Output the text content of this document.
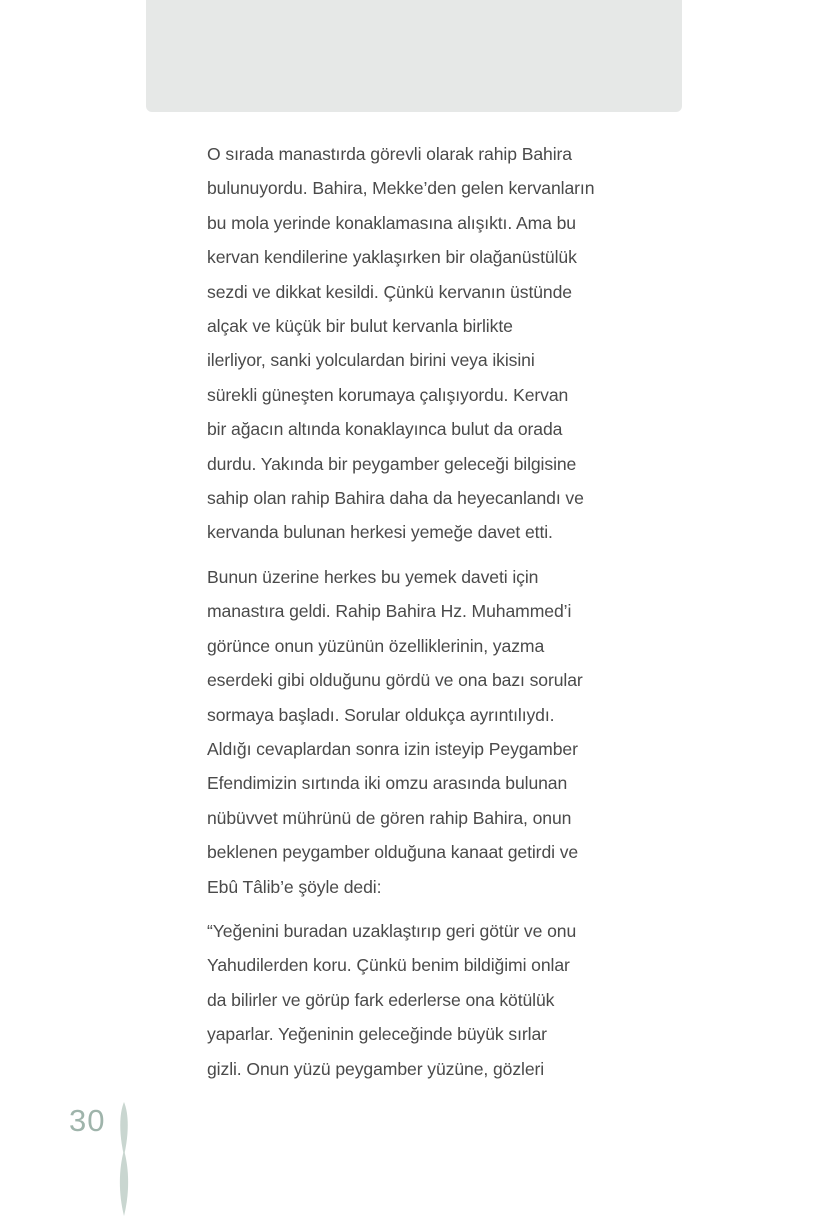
O sırada manastırda görevli olarak rahip Bahira
bulunuyordu. Bahira, Mekke’den gelen kervanların
bu mola yerinde konaklamasına alışıktı. Ama bu
kervan kendilerine yaklaşırken bir olağanüstülük
sezdi ve dikkat kesildi. Çünkü kervanın üstünde
alçak ve küçük bir bulut kervanla birlikte
ilerliyor, sanki yolculardan birini veya ikisini
sürekli güneşten korumaya çalışıyordu. Kervan
bir ağacın altında konaklayınca bulut da orada
durdu. Yakında bir peygamber geleceği bilgisine
sahip olan rahip Bahira daha da heyecanlandı ve
kervanda bulunan herkesi yemeğe davet etti.

Bunun üzerine herkes bu yemek daveti için
manastıra geldi. Rahip Bahira Hz. Muhammed’i
görünce onun yüzünün özelliklerinin, yazma
eserdeki gibi olduğunu gördü ve ona bazı sorular
sormaya başladı. Sorular oldukça ayrıntılıydı.
Aldığı cevaplardan sonra izin isteyip Peygamber
Efendimizin sırtında iki omzu arasında bulunan
nübüvvet mührünü de gören rahip Bahira, onun
beklenen peygamber olduğuna kanaat getirdi ve
Ebû Tâlib’e şöyle dedi:

“Yeğenini buradan uzaklaştırıp geri götür ve onu
Yahudilerden koru. Çünkü benim bildiğimi onlar
da bilirler ve görüp fark ederlerse ona kötülük
yaparlar. Yeğeninin geleceğinde büyük sırlar
gizli. Onun yüzü peygamber yüzüne, gözleri

30
